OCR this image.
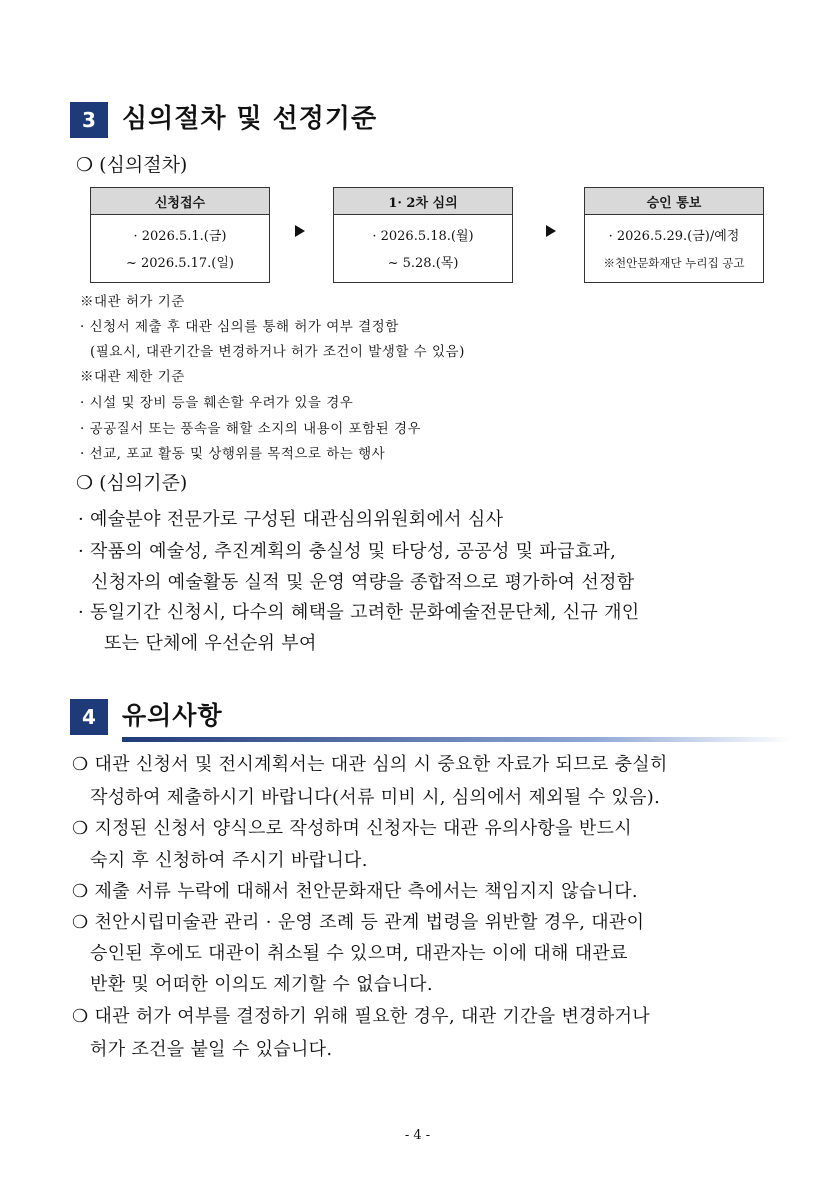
3	심의절차 및 선정기준
❍ (심의절차)
신청접수
· 2026.5.1.(금)
~ 2026.5.17.(일)
1· 2차 심의
· 2026.5.18.(월)
~ 5.28.(목)
승인 통보
· 2026.5.29.(금)/예정
※천안문화재단 누리집 공고
※대관 허가 기준
· 신청서 제출 후 대관 심의를 통해 허가 여부 결정함
(필요시, 대관기간을 변경하거나 허가 조건이 발생할 수 있음)
※대관 제한 기준
· 시설 및 장비 등을 훼손할 우려가 있을 경우
· 공공질서 또는 풍속을 해할 소지의 내용이 포함된 경우
· 선교, 포교 활동 및 상행위를 목적으로 하는 행사
❍ (심의기준)
· 예술분야 전문가로 구성된 대관심의위원회에서 심사
· 작품의 예술성, 추진계획의 충실성 및 타당성, 공공성 및 파급효과,
신청자의 예술활동 실적 및 운영 역량을 종합적으로 평가하여 선정함
· 동일기간 신청시, 다수의 혜택을 고려한 문화예술전문단체, 신규 개인
또는 단체에 우선순위 부여
4	유의사항
❍ 대관 신청서 및 전시계획서는 대관 심의 시 중요한 자료가 되므로 충실히
작성하여 제출하시기 바랍니다(서류 미비 시, 심의에서 제외될 수 있음).
❍ 지정된 신청서 양식으로 작성하며 신청자는 대관 유의사항을 반드시
숙지 후 신청하여 주시기 바랍니다.
❍ 제출 서류 누락에 대해서 천안문화재단 측에서는 책임지지 않습니다.
❍ 천안시립미술관 관리 · 운영 조례 등 관계 법령을 위반할 경우, 대관이
승인된 후에도 대관이 취소될 수 있으며, 대관자는 이에 대해 대관료
반환 및 어떠한 이의도 제기할 수 없습니다.
❍ 대관 허가 여부를 결정하기 위해 필요한 경우, 대관 기간을 변경하거나
허가 조건을 붙일 수 있습니다.
- 4 -
